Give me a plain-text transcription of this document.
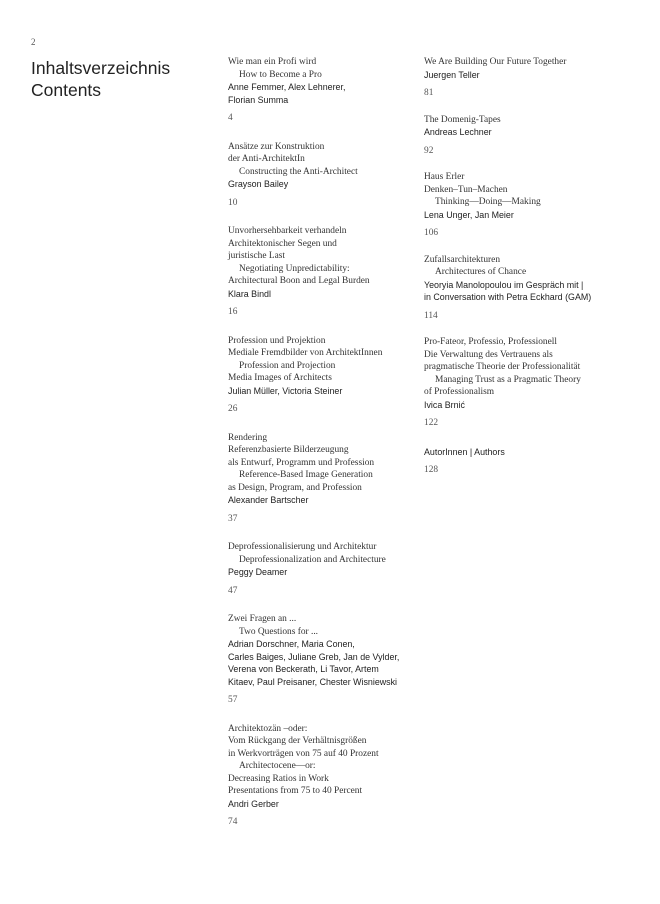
2
Inhaltsverzeichnis
Contents
Wie man ein Profi wird
How to Become a Pro
Anne Femmer, Alex Lehnerer,
Florian Summa
4
Ansätze zur Konstruktion
der Anti-ArchitektIn
Constructing the Anti-Architect
Grayson Bailey
10
Unvorhersehbarkeit verhandeln
Architektonischer Segen und
juristische Last
Negotiating Unpredictability:
Architectural Boon and Legal Burden
Klara Bindl
16
Profession und Projektion
Mediale Fremdbilder von ArchitektInnen
Profession and Projection
Media Images of Architects
Julian Müller, Victoria Steiner
26
Rendering
Referenzbasierte Bilderzeugung
als Entwurf, Programm und Profession
Reference-Based Image Generation
as Design, Program, and Profession
Alexander Bartscher
37
Deprofessionalisierung und Architektur
Deprofessionalization and Architecture
Peggy Deamer
47
Zwei Fragen an ...
Two Questions for ...
Adrian Dorschner, Maria Conen,
Carles Baiges, Juliane Greb, Jan de Vylder,
Verena von Beckerath, Li Tavor, Artem
Kitaev, Paul Preisaner, Chester Wisniewski
57
Architektozän –oder:
Vom Rückgang der Verhältnisgrößen
in Werkvorträgen von 75 auf 40 Prozent
Architectocene—or:
Decreasing Ratios in Work
Presentations from 75 to 40 Percent
Andri Gerber
74
We Are Building Our Future Together
Juergen Teller
81
The Domenig-Tapes
Andreas Lechner
92
Haus Erler
Denken–Tun–Machen
Thinking—Doing—Making
Lena Unger, Jan Meier
106
Zufallsarchitekturen
Architectures of Chance
Yeoryia Manolopoulou im Gespräch mit |
in Conversation with Petra Eckhard (GAM)
114
Pro-Fateor, Professio, Professionell
Die Verwaltung des Vertrauens als
pragmatische Theorie der Professionalität
Managing Trust as a Pragmatic Theory
of Professionalism
Ivica Brnić
122
AutorInnen | Authors
128
